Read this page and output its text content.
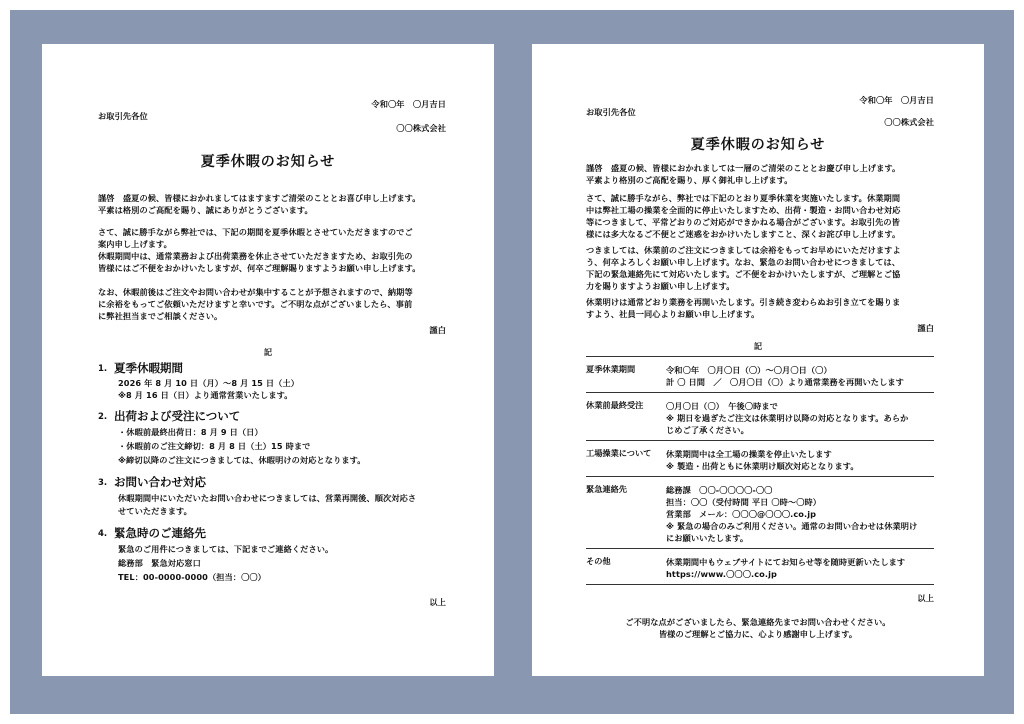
令和〇年　〇月吉日
お取引先各位
〇〇株式会社
夏季休暇のお知らせ
謹啓　盛夏の候、皆様におかれましてはますますご清栄のこととお喜び申し上げます。
平素は格別のご高配を賜り、誠にありがとうございます。
さて、誠に勝手ながら弊社では、下記の期間を夏季休暇とさせていただきますのでご
案内申し上げます。
休暇期間中は、通常業務および出荷業務を休止させていただきますため、お取引先の
皆様にはご不便をおかけいたしますが、何卒ご理解賜りますようお願い申し上げます。
なお、休暇前後はご注文やお問い合わせが集中することが予想されますので、納期等
に余裕をもってご依頼いただけますと幸いです。ご不明な点がございましたら、事前
に弊社担当までご相談ください。
謹白
記
1. 夏季休暇期間
2026 年 8 月 10 日（月）〜8 月 15 日（土）
※8 月 16 日（日）より通常営業いたします。
2. 出荷および受注について
・休暇前最終出荷日：8 月 9 日（日）
・休暇前のご注文締切：8 月 8 日（土）15 時まで
※締切以降のご注文につきましては、休暇明けの対応となります。
3. お問い合わせ対応
休暇期間中にいただいたお問い合わせにつきましては、営業再開後、順次対応さ
せていただきます。
4. 緊急時のご連絡先
緊急のご用件につきましては、下記までご連絡ください。
総務部　緊急対応窓口
TEL：00-0000-0000（担当：〇〇）
以上
令和〇年　〇月吉日
お取引先各位
〇〇株式会社
夏季休暇のお知らせ
謹啓　盛夏の候、皆様におかれましては一層のご清栄のこととお慶び申し上げます。
平素より格別のご高配を賜り、厚く御礼申し上げます。
さて、誠に勝手ながら、弊社では下記のとおり夏季休業を実施いたします。休業期間
中は弊社工場の操業を全面的に停止いたしますため、出荷・製造・お問い合わせ対応
等につきまして、平常どおりのご対応ができかねる場合がございます。お取引先の皆
様には多大なるご不便とご迷惑をおかけいたしますこと、深くお詫び申し上げます。
つきましては、休業前のご注文につきましては余裕をもってお早めにいただけますよ
う、何卒よろしくお願い申し上げます。なお、緊急のお問い合わせにつきましては、
下記の緊急連絡先にて対応いたします。ご不便をおかけいたしますが、ご理解とご協
力を賜りますようお願い申し上げます。
休業明けは通常どおり業務を再開いたします。引き続き変わらぬお引き立てを賜りま
すよう、社員一同心よりお願い申し上げます。
謹白
記
夏季休業期間	令和〇年　〇月〇日（〇）〜〇月〇日（〇）
計 〇 日間　／　〇月〇日（〇）より通常業務を再開いたします
休業前最終受注	〇月〇日（〇）　午後〇時まで
※ 期日を過ぎたご注文は休業明け以降の対応となります。あらか
じめご了承ください。
工場操業について 休業期間中は全工場の操業を停止いたします
※ 製造・出荷ともに休業明け順次対応となります。
緊急連絡先	総務課　〇〇-〇〇〇〇-〇〇
担当：〇〇（受付時間 平日 〇時〜〇時）
営業部　メール：〇〇〇@〇〇〇.co.jp
※ 緊急の場合のみご利用ください。通常のお問い合わせは休業明け
にお願いいたします。
その他	休業期間中もウェブサイトにてお知らせ等を随時更新いたします
https://www.〇〇〇.co.jp
以上
ご不明な点がございましたら、緊急連絡先までお問い合わせください。
皆様のご理解とご協力に、心より感謝申し上げます。
